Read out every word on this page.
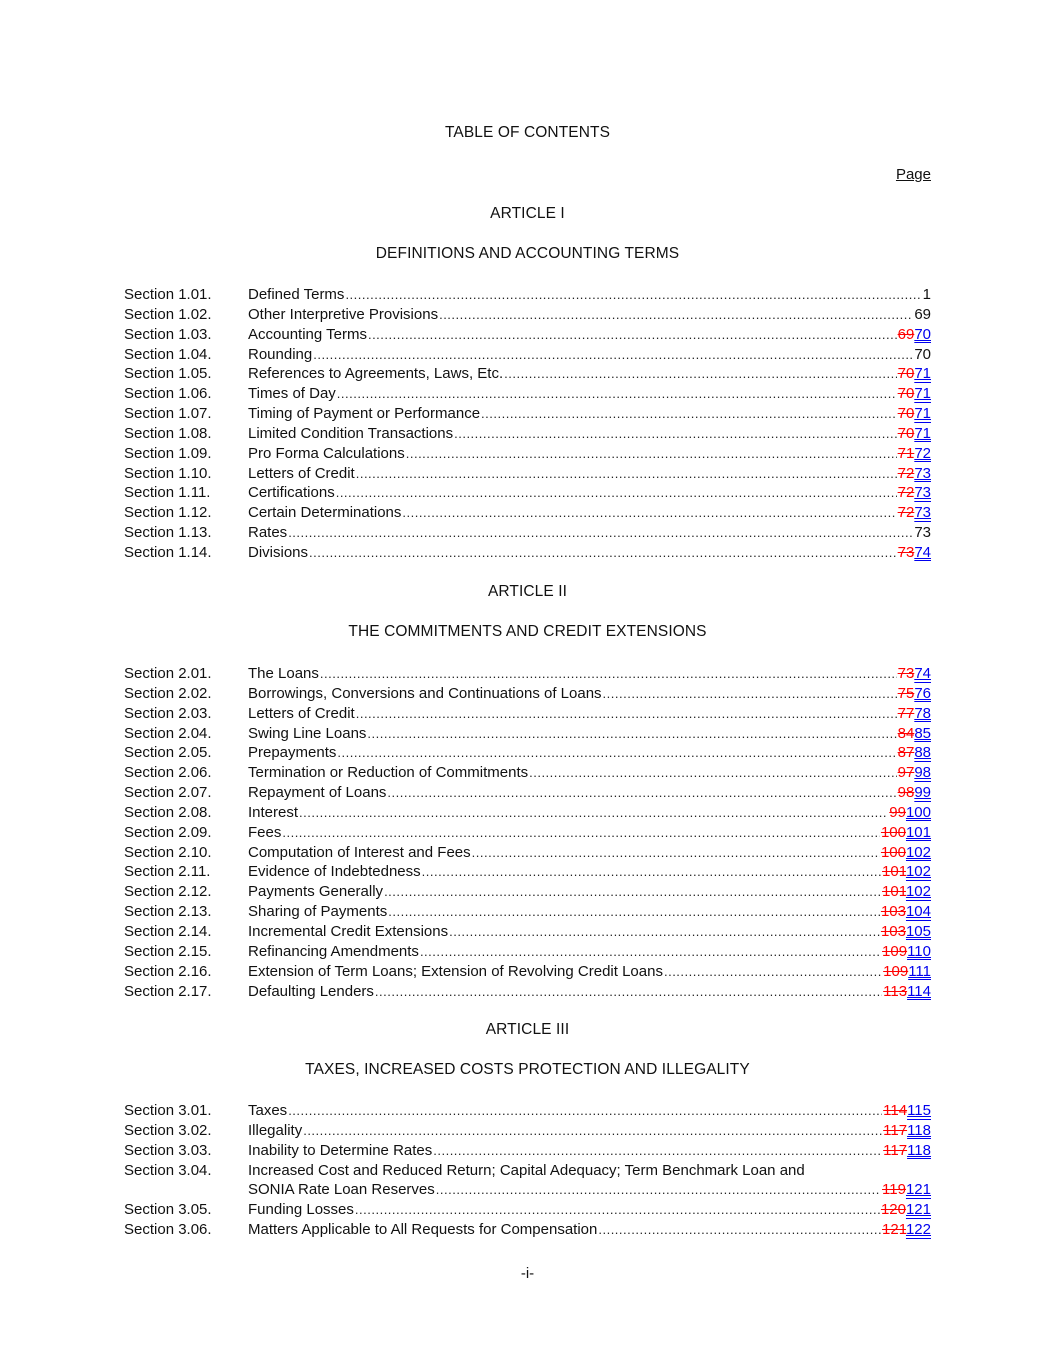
TABLE OF CONTENTS
Page
ARTICLE I
DEFINITIONS AND ACCOUNTING TERMS
Section 1.01.	Defined Terms .....	1
Section 1.02.	Other Interpretive Provisions .....	69
Section 1.03.	Accounting Terms .....	6970
Section 1.04.	Rounding .....	70
Section 1.05.	References to Agreements, Laws, Etc. .....	7071
Section 1.06.	Times of Day .....	7071
Section 1.07.	Timing of Payment or Performance .....	7071
Section 1.08.	Limited Condition Transactions .....	7071
Section 1.09.	Pro Forma Calculations .....	7172
Section 1.10.	Letters of Credit .....	7273
Section 1.11.	Certifications .....	7273
Section 1.12.	Certain Determinations .....	7273
Section 1.13.	Rates .....	73
Section 1.14.	Divisions .....	7374
ARTICLE II
THE COMMITMENTS AND CREDIT EXTENSIONS
Section 2.01.	The Loans .....	7374
Section 2.02.	Borrowings, Conversions and Continuations of Loans .....	7576
Section 2.03.	Letters of Credit .....	7778
Section 2.04.	Swing Line Loans .....	8485
Section 2.05.	Prepayments .....	8788
Section 2.06.	Termination or Reduction of Commitments .....	9798
Section 2.07.	Repayment of Loans .....	9899
Section 2.08.	Interest .....	99100
Section 2.09.	Fees .....	100101
Section 2.10.	Computation of Interest and Fees .....	100102
Section 2.11.	Evidence of Indebtedness .....	101102
Section 2.12.	Payments Generally .....	101102
Section 2.13.	Sharing of Payments .....	103104
Section 2.14.	Incremental Credit Extensions .....	103105
Section 2.15.	Refinancing Amendments .....	109110
Section 2.16.	Extension of Term Loans; Extension of Revolving Credit Loans .....	109111
Section 2.17.	Defaulting Lenders .....	113114
ARTICLE III
TAXES, INCREASED COSTS PROTECTION AND ILLEGALITY
Section 3.01.	Taxes .....	114115
Section 3.02.	Illegality .....	117118
Section 3.03.	Inability to Determine Rates .....	117118
Section 3.04.	Increased Cost and Reduced Return; Capital Adequacy; Term Benchmark Loan and
SONIA Rate Loan Reserves .....	119121
Section 3.05.	Funding Losses .....	120121
Section 3.06.	Matters Applicable to All Requests for Compensation .....	121122
-i-
